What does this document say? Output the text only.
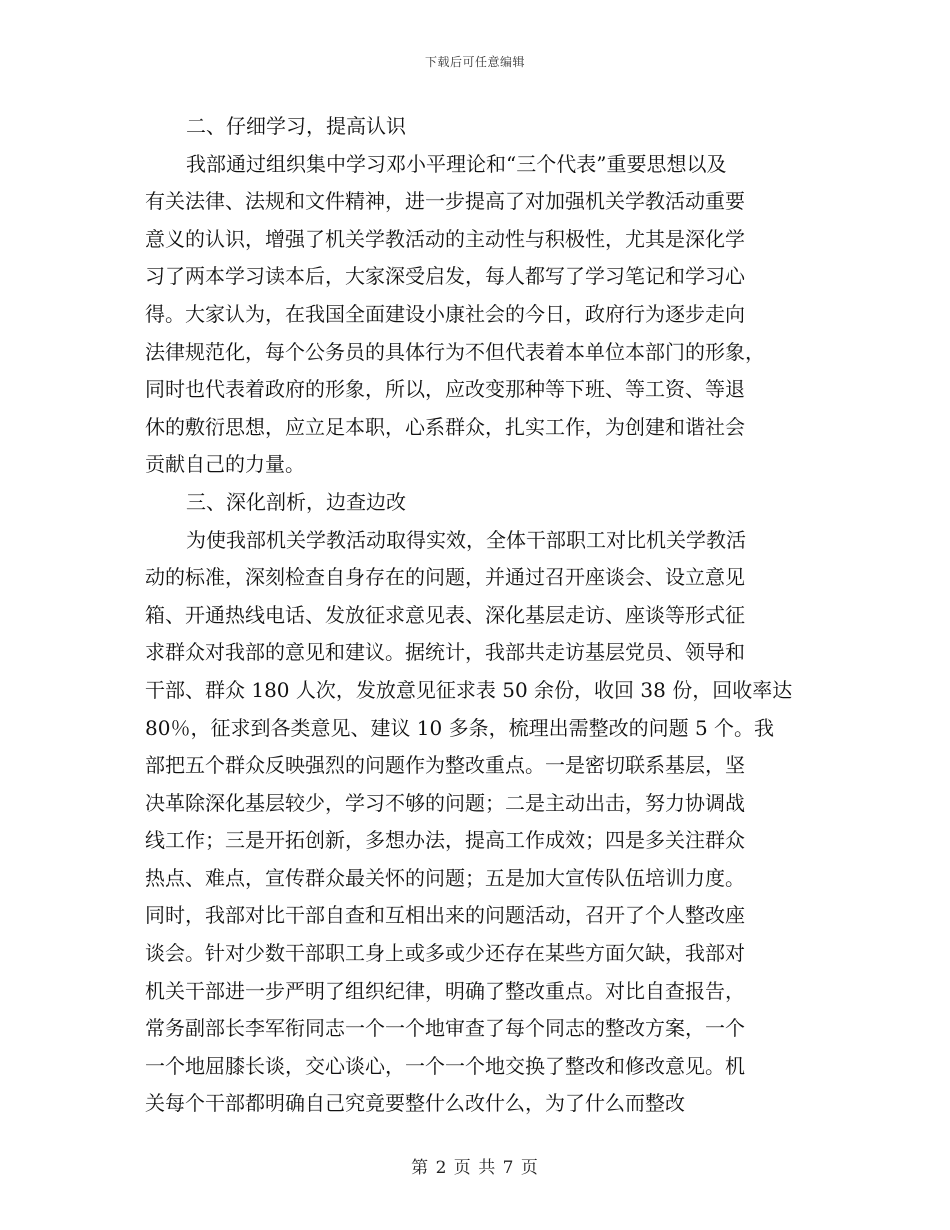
下载后可任意编辑
二、仔细学习，提高认识
我部通过组织集中学习邓小平理论和“三个代表”重要思想以及
有关法律、法规和文件精神，进一步提高了对加强机关学教活动重要
意义的认识，增强了机关学教活动的主动性与积极性，尤其是深化学
习了两本学习读本后，大家深受启发，每人都写了学习笔记和学习心
得。大家认为，在我国全面建设小康社会的今日，政府行为逐步走向
法律规范化，每个公务员的具体行为不但代表着本单位本部门的形象，
同时也代表着政府的形象，所以，应改变那种等下班、等工资、等退
休的敷衍思想，应立足本职，心系群众，扎实工作，为创建和谐社会
贡献自己的力量。
三、深化剖析，边查边改
为使我部机关学教活动取得实效，全体干部职工对比机关学教活
动的标准，深刻检查自身存在的问题，并通过召开座谈会、设立意见
箱、开通热线电话、发放征求意见表、深化基层走访、座谈等形式征
求群众对我部的意见和建议。据统计，我部共走访基层党员、领导和
干部、群众 180 人次，发放意见征求表 50 余份，收回 38 份，回收率达
80％，征求到各类意见、建议 10 多条，梳理出需整改的问题 5 个。我
部把五个群众反映强烈的问题作为整改重点。一是密切联系基层，坚
决革除深化基层较少，学习不够的问题；二是主动出击，努力协调战
线工作；三是开拓创新，多想办法，提高工作成效；四是多关注群众
热点、难点，宣传群众最关怀的问题；五是加大宣传队伍培训力度。
同时，我部对比干部自查和互相出来的问题活动，召开了个人整改座
谈会。针对少数干部职工身上或多或少还存在某些方面欠缺，我部对
机关干部进一步严明了组织纪律，明确了整改重点。对比自查报告，
常务副部长李军衔同志一个一个地审查了每个同志的整改方案，一个
一个地屈膝长谈，交心谈心，一个一个地交换了整改和修改意见。机
关每个干部都明确自己究竟要整什么改什么，为了什么而整改
第 2 页 共 7 页
